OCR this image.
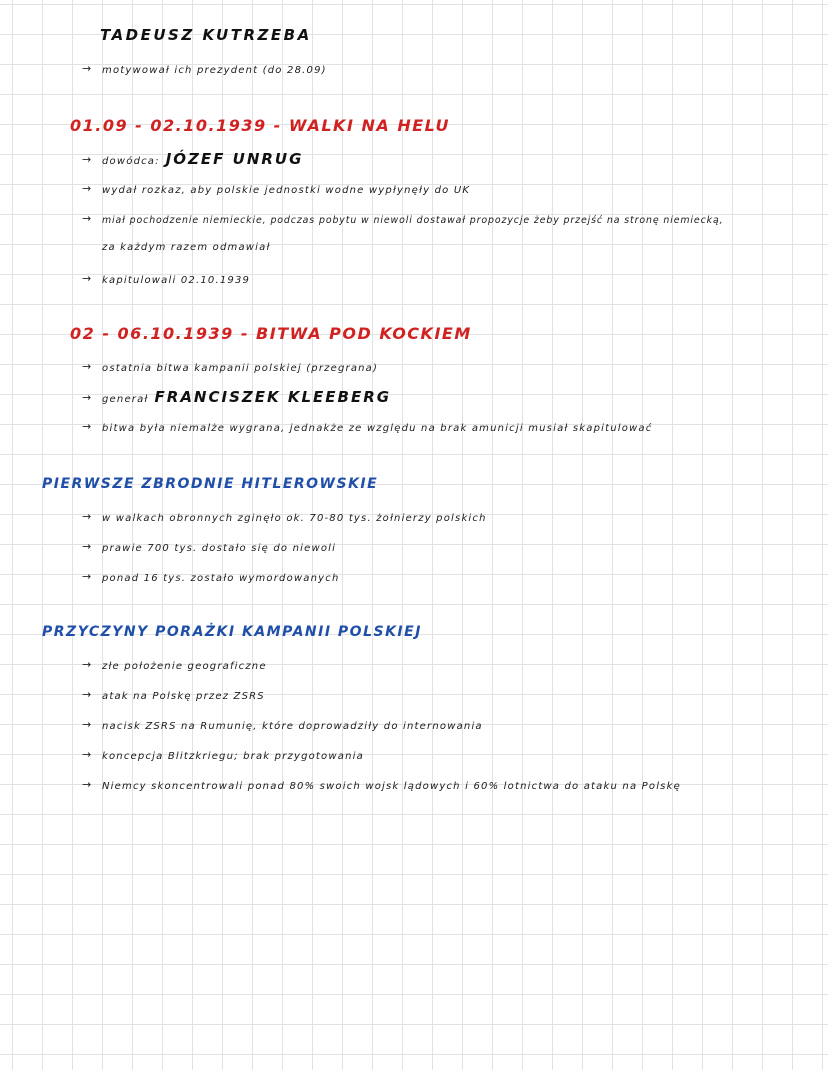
TADEUSZ KUTRZEBA
→ motywował ich prezydent (do 28.09)
01.09 - 02.10.1939 - WALKI NA HELU
→ dowódca: JÓZEF UNRUG
→ wydał rozkaz, aby polskie jednostki wodne wypłynęły do UK
→ miał pochodzenie niemieckie, podczas pobytu w niewoli dostawał propozycje żeby przejść na stronę niemiecką,
za każdym razem odmawiał
→ kapitulowali 02.10.1939
02 - 06.10.1939 - BITWA POD KOCKIEM
→ ostatnia bitwa kampanii polskiej (przegrana)
→ generał FRANCISZEK KLEEBERG
→ bitwa była niemalże wygrana, jednakże ze względu na brak amunicji musiał skapitulować
PIERWSZE ZBRODNIE HITLEROWSKIE
→ w walkach obronnych zginęło ok. 70-80 tys. żołnierzy polskich
→ prawie 700 tys. dostało się do niewoli
→ ponad 16 tys. zostało wymordowanych
PRZYCZYNY PORAŻKI KAMPANII POLSKIEJ
→ złe położenie geograficzne
→ atak na Polskę przez ZSRS
→ nacisk ZSRS na Rumunię, które doprowadziły do internowania
→ koncepcja Blitzkriegu; brak przygotowania
→ Niemcy skoncentrowali ponad 80% swoich wojsk lądowych i 60% lotnictwa do ataku na Polskę
